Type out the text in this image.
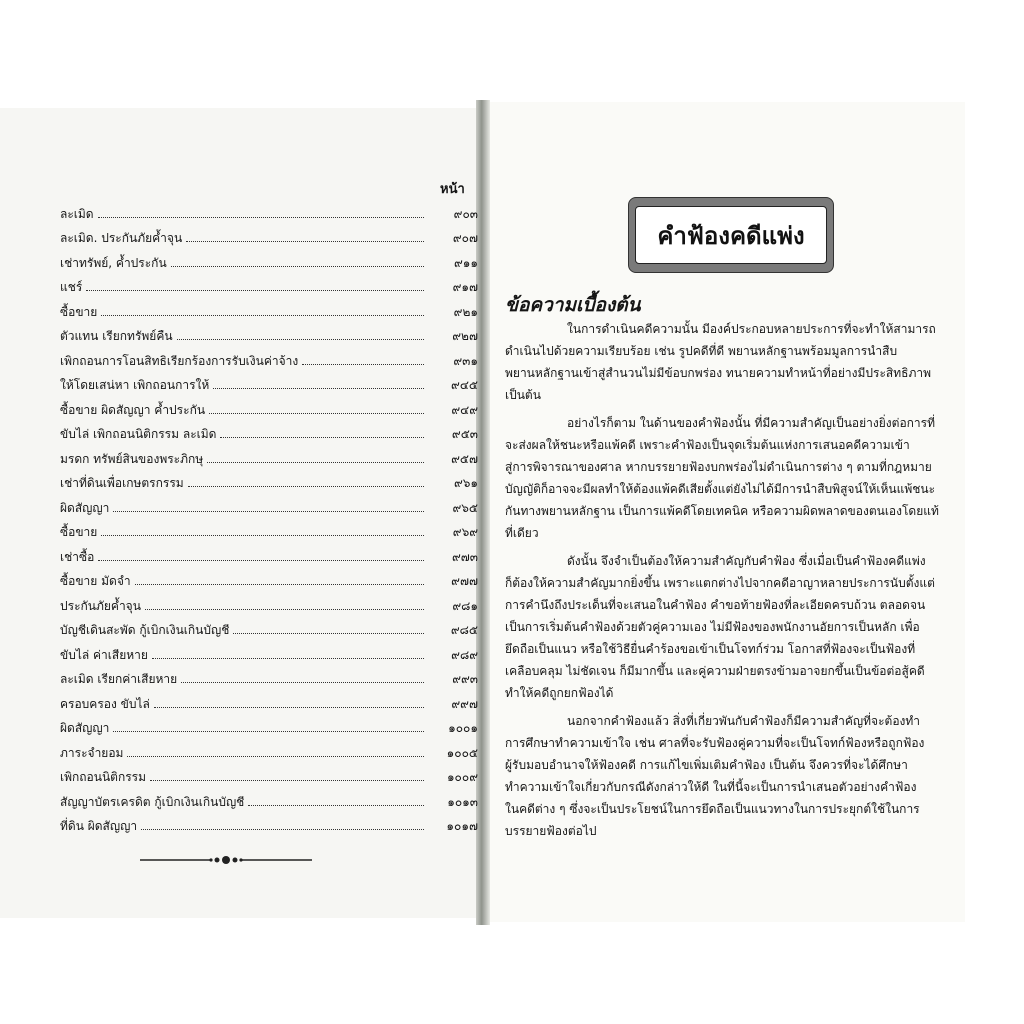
หน้า
ละเมิด	๙๐๓
ละเมิด. ประกันภัยค้ำจุน	๙๐๗
เช่าทรัพย์, ค้ำประกัน	๙๑๑
แชร์	๙๑๗
ซื้อขาย	๙๒๑
ตัวแทน เรียกทรัพย์คืน	๙๒๗
เพิกถอนการโอนสิทธิเรียกร้องการรับเงินค่าจ้าง	๙๓๑
ให้โดยเสน่หา เพิกถอนการให้	๙๔๕
ซื้อขาย ผิดสัญญา ค้ำประกัน	๙๔๙
ขับไล่ เพิกถอนนิติกรรม ละเมิด	๙๕๓
มรดก ทรัพย์สินของพระภิกษุ	๙๕๗
เช่าที่ดินเพื่อเกษตรกรรม	๙๖๑
ผิดสัญญา	๙๖๕
ซื้อขาย	๙๖๙
เช่าซื้อ	๙๗๓
ซื้อขาย มัดจำ	๙๗๗
ประกันภัยค้ำจุน	๙๘๑
บัญชีเดินสะพัด กู้เบิกเงินเกินบัญชี	๙๘๕
ขับไล่ ค่าเสียหาย	๙๘๙
ละเมิด เรียกค่าเสียหาย	๙๙๓
ครอบครอง ขับไล่	๙๙๗
ผิดสัญญา	๑๐๐๑
ภาระจำยอม	๑๐๐๕
เพิกถอนนิติกรรม	๑๐๐๙
สัญญาบัตรเครดิต กู้เบิกเงินเกินบัญชี	๑๐๑๓
ที่ดิน ผิดสัญญา	๑๐๑๗
คำฟ้องคดีแพ่ง
ข้อความเบื้องต้น

ในการดำเนินคดีความนั้น มีองค์ประกอบหลายประการที่จะทำให้สามารถ
ดำเนินไปด้วยความเรียบร้อย เช่น รูปคดีที่ดี พยานหลักฐานพร้อมมูลการนำสืบ
พยานหลักฐานเข้าสู่สำนวนไม่มีข้อบกพร่อง ทนายความทำหน้าที่อย่างมีประสิทธิภาพ
เป็นต้น

อย่างไรก็ตาม ในด้านของคำฟ้องนั้น ที่มีความสำคัญเป็นอย่างยิ่งต่อการที่
จะส่งผลให้ชนะหรือแพ้คดี เพราะคำฟ้องเป็นจุดเริ่มต้นแห่งการเสนอคดีความเข้า
สู่การพิจารณาของศาล หากบรรยายฟ้องบกพร่องไม่ดำเนินการต่าง ๆ ตามที่กฎหมาย
บัญญัติก็อาจจะมีผลทำให้ต้องแพ้คดีเสียตั้งแต่ยังไม่ได้มีการนำสืบพิสูจน์ให้เห็นแพ้ชนะ
กันทางพยานหลักฐาน เป็นการแพ้คดีโดยเทคนิค หรือความผิดพลาดของตนเองโดยแท้
ที่เดียว

ดังนั้น จึงจำเป็นต้องให้ความสำคัญกับคำฟ้อง ซึ่งเมื่อเป็นคำฟ้องคดีแพ่ง
ก็ต้องให้ความสำคัญมากยิ่งขึ้น เพราะแตกต่างไปจากคดีอาญาหลายประการนับตั้งแต่
การคำนึงถึงประเด็นที่จะเสนอในคำฟ้อง คำขอท้ายฟ้องที่ละเอียดครบถ้วน ตลอดจน
เป็นการเริ่มต้นคำฟ้องด้วยตัวคู่ความเอง ไม่มีฟ้องของพนักงานอัยการเป็นหลัก เพื่อ
ยึดถือเป็นแนว หรือใช้วิธียื่นคำร้องขอเข้าเป็นโจทก์ร่วม โอกาสที่ฟ้องจะเป็นฟ้องที่
เคลือบคลุม ไม่ชัดเจน ก็มีมากขึ้น และคู่ความฝ่ายตรงข้ามอาจยกขึ้นเป็นข้อต่อสู้คดี
ทำให้คดีถูกยกฟ้องได้

นอกจากคำฟ้องแล้ว สิ่งที่เกี่ยวพันกับคำฟ้องก็มีความสำคัญที่จะต้องทำ
การศึกษาทำความเข้าใจ เช่น ศาลที่จะรับฟ้องคู่ความที่จะเป็นโจทก์ฟ้องหรือถูกฟ้อง
ผู้รับมอบอำนาจให้ฟ้องคดี การแก้ไขเพิ่มเติมคำฟ้อง เป็นต้น จึงควรที่จะได้ศึกษา
ทำความเข้าใจเกี่ยวกับกรณีดังกล่าวให้ดี ในที่นี้จะเป็นการนำเสนอตัวอย่างคำฟ้อง
ในคดีต่าง ๆ ซึ่งจะเป็นประโยชน์ในการยึดถือเป็นแนวทางในการประยุกต์ใช้ในการ
บรรยายฟ้องต่อไป
